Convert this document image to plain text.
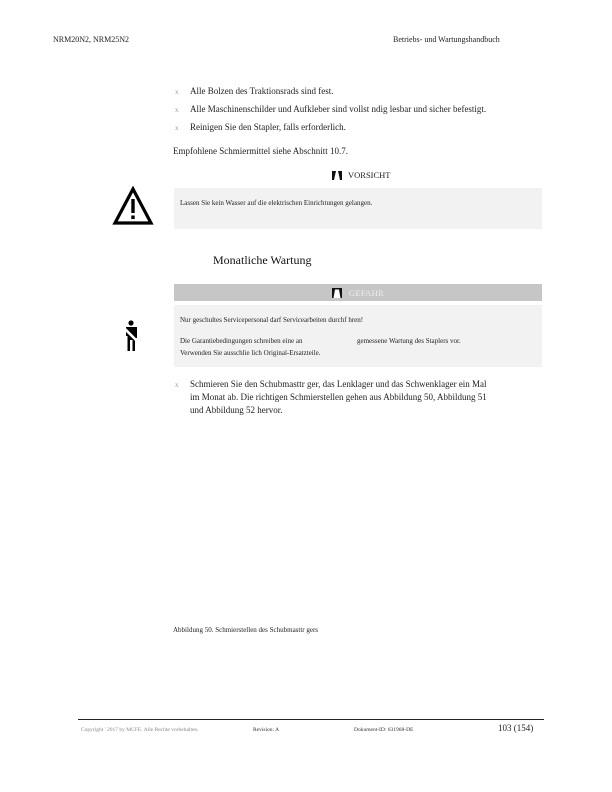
NRM20N2, NRM25N2	Betriebs- und Wartungshandbuch
x Alle Bolzen des Traktionsrads sind fest.
x Alle Maschinenschilder und Aufkleber sind vollst ndig lesbar und sicher befestigt.
x Reinigen Sie den Stapler, falls erforderlich.
Empfohlene Schmiermittel siehe Abschnitt 10.7.
VORSICHT
Lassen Sie kein Wasser auf die elektrischen Einrichtungen gelangen.
Monatliche Wartung
GEFAHR
Nur geschultes Servicepersonal darf Servicearbeiten durchf hren!
Die Garantiebedingungen schreiben eine an	gemessene Wartung des Staplers vor.
Verwenden Sie ausschlie lich Original-Ersatzteile.
x Schmieren Sie den Schubmasttr ger, das Lenklager und das Schwenklager ein Mal
im Monat ab. Die richtigen Schmierstellen gehen aus Abbildung 50, Abbildung 51
und Abbildung 52 hervor.
Abbildung 50. Schmierstellen des Schubmasttr gers
Copyright ' 2017 by MCFE. Alle Rechte vorbehalten.	Revision: A	Dokument-ID: 631968-DE	103 (154)
